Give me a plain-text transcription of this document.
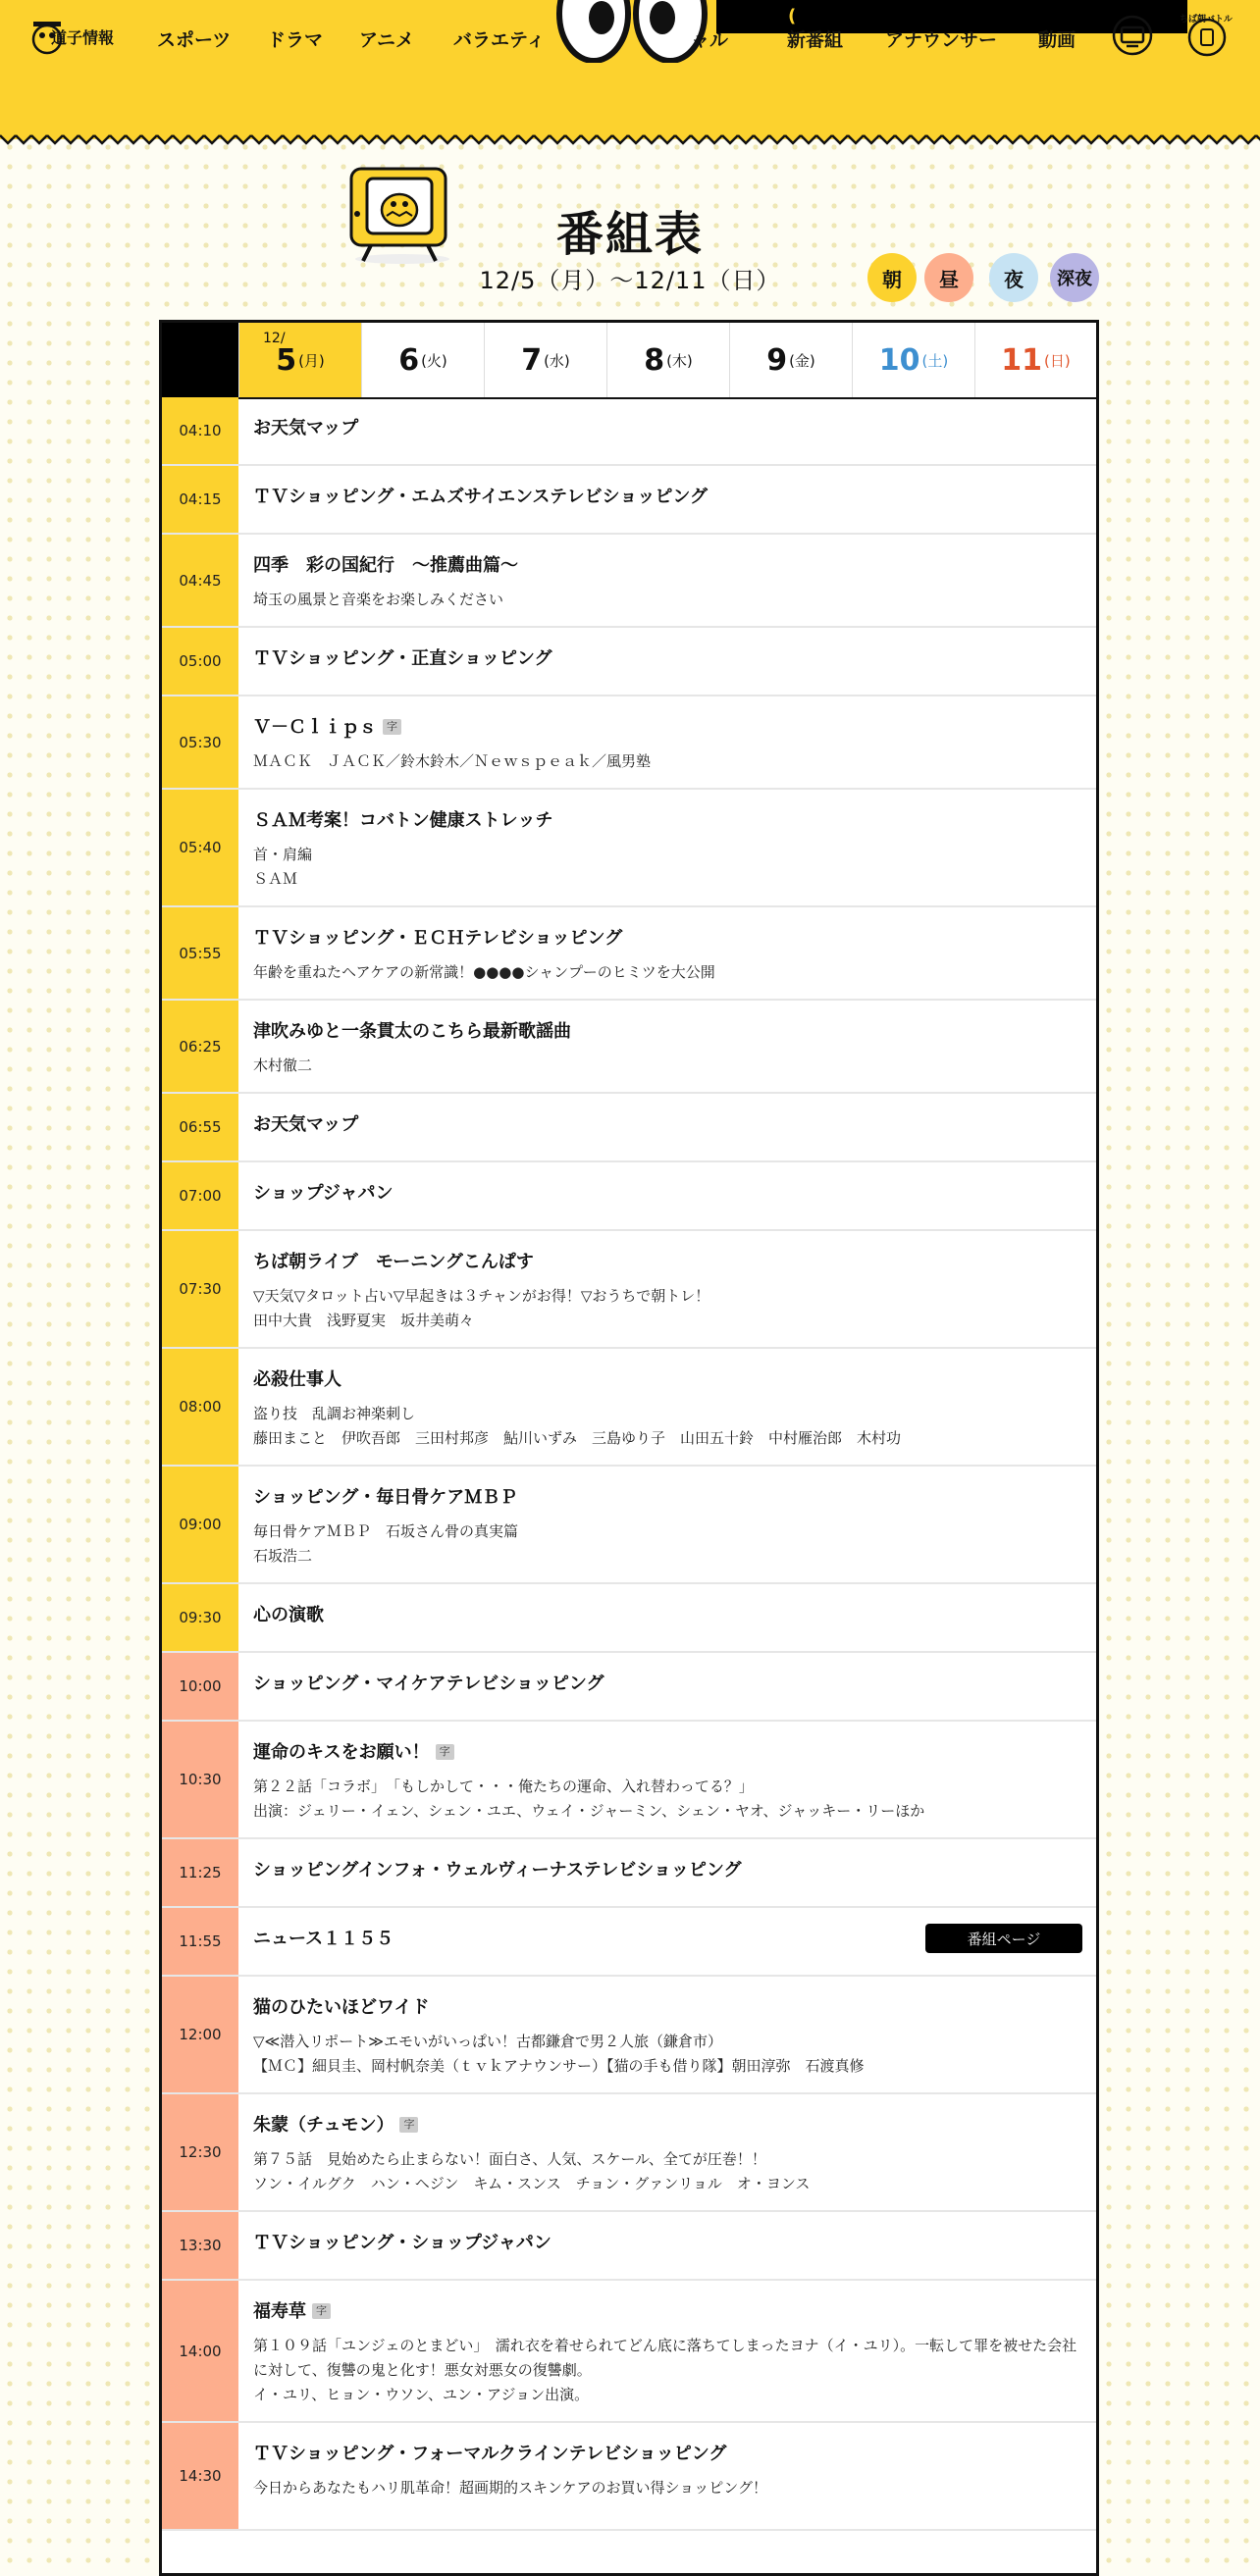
道子情報 スポーツ ドラマ アニメ バラエティ
(
ャル	新番組 アナウンサー 動画
ちば朝バトル
番組表
12/5（月）〜12/11（日）	朝	昼	夜	深夜
12/
5 (月)	6 (火)	7 (水)	8 (木)	9 (金) 10 (土) 11 (日)
04:10	お天気マップ
04:15	ＴＶショッピング・エムズサイエンステレビショッピング
04:45
四季　彩の国紀行　～推薦曲篇～
埼玉の風景と音楽をお楽しみください
05:00	ＴＶショッピング・正直ショッピング
05:30
Ｖ－Ｃｌｉｐｓ 字
ＭＡＣＫ　ＪＡＣＫ／鈴木鈴木／Ｎｅｗｓｐｅａｋ／風男塾
05:40
ＳＡＭ考案！コバトン健康ストレッチ
首・肩編
ＳＡＭ
05:55
ＴＶショッピング・ＥＣＨテレビショッピング
年齢を重ねたヘアケアの新常識！●●●●シャンプーのヒミツを大公開
06:25
津吹みゆと一条貫太のこちら最新歌謡曲
木村徹二
06:55	お天気マップ
07:00	ショップジャパン
07:30
ちば朝ライブ　モーニングこんぱす
▽天気▽タロット占い▽早起きは３チャンがお得！▽おうちで朝トレ！
田中大貴　浅野夏実　坂井美萌々
08:00
必殺仕事人
盗り技　乱調お神楽刺し
藤田まこと　伊吹吾郎　三田村邦彦　鮎川いずみ　三島ゆり子　山田五十鈴　中村雁治郎　木村功
09:00
ショッピング・毎日骨ケアＭＢＰ
毎日骨ケアＭＢＰ　石坂さん骨の真実篇
石坂浩二
09:30	心の演歌
10:00	ショッピング・マイケアテレビショッピング
10:30
運命のキスをお願い！ 字
第２２話「コラボ」　「もしかして・・・俺たちの運命、入れ替わってる？」
出演：ジェリー・イェン、シェン・ユエ、ウェイ・ジャーミン、シェン・ヤオ、ジャッキー・リーほか
11:25	ショッピングインフォ・ウェルヴィーナステレビショッピング
11:55	ニュース１１５５	番組ページ
12:00
猫のひたいほどワイド
▽≪潜入リポート≫エモいがいっぱい！古都鎌倉で男２人旅（鎌倉市）
【ＭＣ】細貝圭、岡村帆奈美（ｔｖｋアナウンサー）【猫の手も借り隊】朝田淳弥　石渡真修
12:30
朱蒙（チュモン） 字
第７５話　見始めたら止まらない！面白さ、人気、スケール、全てが圧巻！！
ソン・イルグク　ハン・ヘジン　キム・スンス　チョン・グァンリョル　オ・ヨンス
13:30	ＴＶショッピング・ショップジャパン
14:00
福寿草 字
第１０９話「ユンジェのとまどい」　濡れ衣を着せられてどん底に落ちてしまったヨナ（イ・ユリ）。一転して罪を被せた会社に対して、復讐の鬼と化す！悪女対悪女の復讐劇。
イ・ユリ、ヒョン・ウソン、ユン・アジョン出演。
14:30
ＴＶショッピング・フォーマルクラインテレビショッピング
今日からあなたもハリ肌革命！超画期的スキンケアのお買い得ショッピング！
